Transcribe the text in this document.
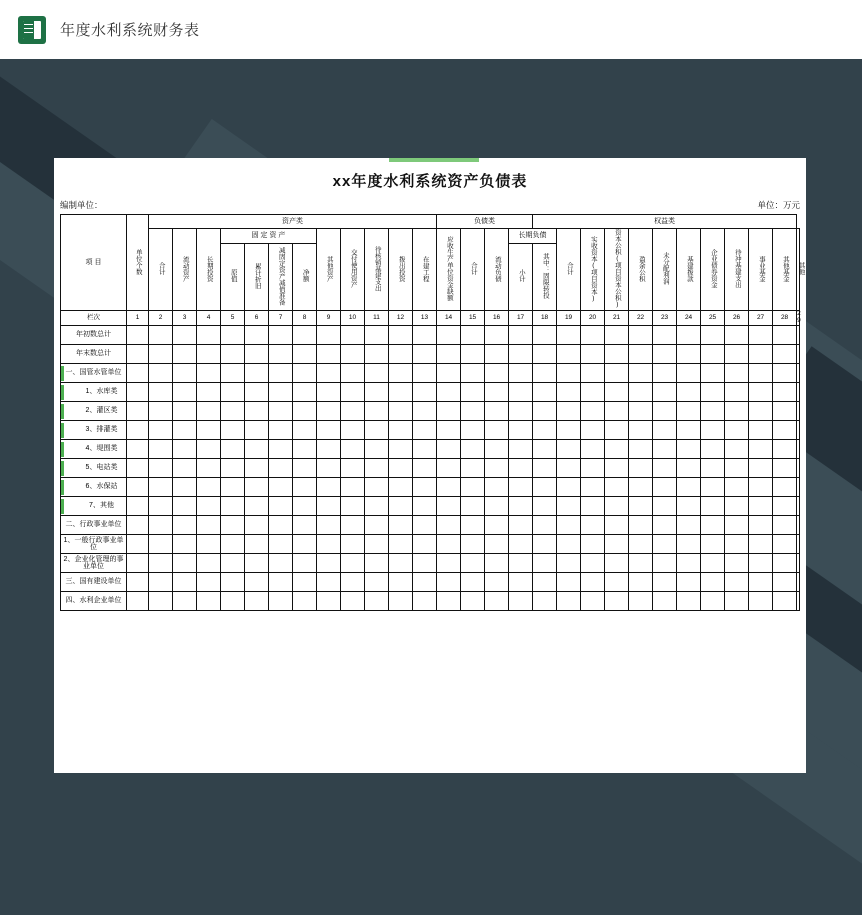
年度水利系统财务表
xx年度水利系统资产负债表
编制单位：	单位：万元
项 目	单位个数	资产类												负债类				权益类											
		合计	流动资产	长期投资	固 定 资 产				其他资产	交付使用资产	待核销基建支出	拨出投资	在建工程	应收生产单位资金缺额	合计	流动负债	长期负债		合计	实收资本(项目资本)	资本公积(项目资本公积)	盈余公积	未分配利润	基建拨款	企业债券资金	待冲基建支出	事业基金	其他基金	其他
					原值	累计折旧	减固定资产减值准备	净额									小计	其中：固限转投											
栏次	1	2	3	4	5	6	7	8	9	10	11	12	13	14	15	16	17	18	19	20	21	22	23	24	25	26	27	28	29
年初数总计																													
年末数总计																													

一、国管水管单位																													

1、水库类																													

2、灌区类																													

3、排灌类																													

4、堤围类																													

5、电站类																													

6、水保站																													

7、其他																													
二、行政事业单位																													
1、一般行政事业单位																													
2、企业化管理的事业单位																													
三、国有建设单位																													
四、水利企业单位																													
